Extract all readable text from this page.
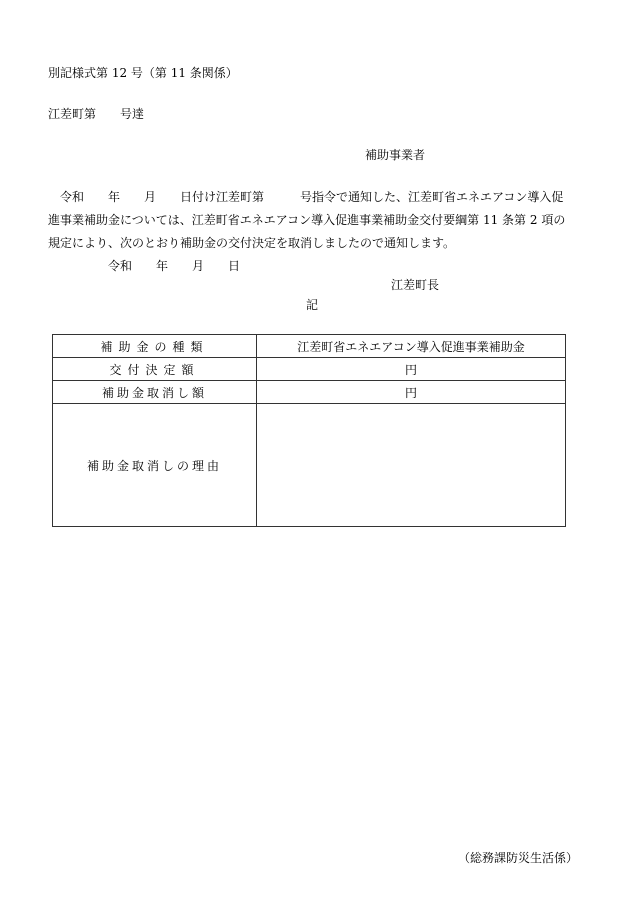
別記様式第 12 号（第 11 条関係）
江差町第　　号達
補助事業者
　令和　　年　　月　　日付け江差町第　　　号指令で通知した、江差町省エネエアコン導入促
進事業補助金については、江差町省エネエアコン導入促進事業補助金交付要綱第 11 条第 2 項の
規定により、次のとおり補助金の交付決定を取消しましたので通知します。
令和　　年　　月　　日
江差町長
記
補助金の種類	江差町省エネエアコン導入促進事業補助金
交付決定額	円
補助金取消し額	円
補助金取消しの理由	
（総務課防災生活係）
